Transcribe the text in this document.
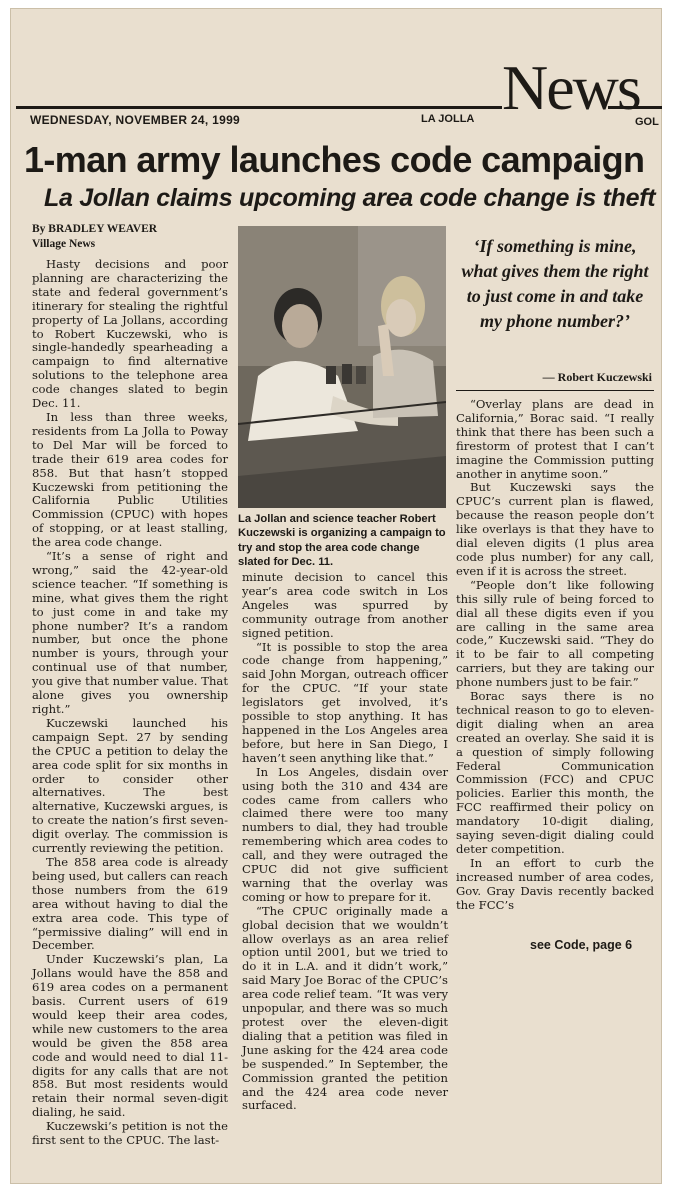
WEDNESDAY, NOVEMBER 24, 1999	LA JOLLA News
GOL
1-man army launches code campaign
La Jollan claims upcoming area code change is theft
By BRADLEY WEAVER
Village News

Hasty decisions and poor planning are characterizing the state and federal government’s itinerary for stealing the rightful property of La Jollans, according to Robert Kuczewski, who is single-handedly spearheading a campaign to find alternative solutions to the telephone area code changes slated to begin Dec. 11.

In less than three weeks, residents from La Jolla to Poway to Del Mar will be forced to trade their 619 area codes for 858. But that hasn’t stopped Kuczewski from petitioning the California Public Utilities Commission (CPUC) with hopes of stopping, or at least stalling, the area code change.

“It’s a sense of right and wrong,” said the 42-year-old science teacher. “If something is mine, what gives them the right to just come in and take my phone number? It’s a random number, but once the phone number is yours, through your continual use of that number, you give that number value. That alone gives you ownership right.”

Kuczewski launched his campaign Sept. 27 by sending the CPUC a petition to delay the area code split for six months in order to consider other alternatives. The best alternative, Kuczewski argues, is to create the nation’s first seven-digit overlay. The commission is currently reviewing the petition.

The 858 area code is already being used, but callers can reach those numbers from the 619 area without having to dial the extra area code. This type of “permissive dialing” will end in December.

Under Kuczewski’s plan, La Jollans would have the 858 and 619 area codes on a permanent basis. Current users of 619 would keep their area codes, while new customers to the area would be given the 858 area code and would need to dial 11-digits for any calls that are not 858. But most residents would retain their normal seven-digit dialing, he said.

Kuczewski’s petition is not the first sent to the CPUC. The last-

La Jollan and science teacher Robert Kuczewski is organizing a campaign to try and stop the area code change slated for Dec. 11.

minute decision to cancel this year’s area code switch in Los Angeles was spurred by community outrage from another signed petition.

“It is possible to stop the area code change from happening,” said John Morgan, outreach officer for the CPUC. “If your state legislators get involved, it’s possible to stop anything. It has happened in the Los Angeles area before, but here in San Diego, I haven’t seen anything like that.”

In Los Angeles, disdain over using both the 310 and 434 are codes came from callers who claimed there were too many numbers to dial, they had trouble remembering which area codes to call, and they were outraged the CPUC did not give sufficient warning that the overlay was coming or how to prepare for it.

“The CPUC originally made a global decision that we wouldn’t allow overlays as an area relief option until 2001, but we tried to do it in L.A. and it didn’t work,” said Mary Joe Borac of the CPUC’s area code relief team. “It was very unpopular, and there was so much protest over the eleven-digit dialing that a petition was filed in June asking for the 424 area code be suspended.” In September, the Commission granted the petition and the 424 area code never surfaced.

‘If something is mine, what gives them the right to just come in and take my phone number?’
— Robert Kuczewski

“Overlay plans are dead in California,” Borac said. “I really think that there has been such a firestorm of protest that I can’t imagine the Commission putting another in anytime soon.”

But Kuczewski says the CPUC’s current plan is flawed, because the reason people don’t like overlays is that they have to dial eleven digits (1 plus area code plus number) for any call, even if it is across the street.

“People don’t like following this silly rule of being forced to dial all these digits even if you are calling in the same area code,” Kuczewski said. “They do it to be fair to all competing carriers, but they are taking our phone numbers just to be fair.”

Borac says there is no technical reason to go to eleven-digit dialing when an area created an overlay. She said it is a question of simply following Federal Communication Commission (FCC) and CPUC policies. Earlier this month, the FCC reaffirmed their policy on mandatory 10-digit dialing, saying seven-digit dialing could deter competition.

In an effort to curb the increased number of area codes, Gov. Gray Davis recently backed the FCC’s

see Code, page 6
